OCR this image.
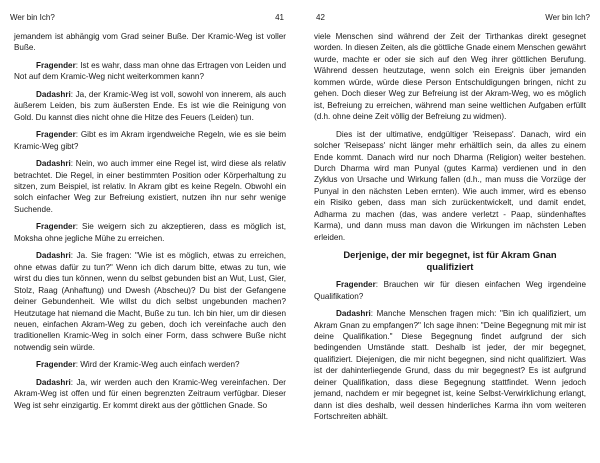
Wer bin Ich?	41

jemandem ist abhängig vom Grad seiner Buße. Der Kramic-Weg ist voller Buße.

Fragender: Ist es wahr, dass man ohne das Ertragen von Leiden und Not auf dem Kramic-Weg nicht weiterkommen kann?

Dadashri: Ja, der Kramic-Weg ist voll, sowohl von innerem, als auch äußerem Leiden, bis zum äußersten Ende. Es ist wie die Reinigung von Gold. Du kannst dies nicht ohne die Hitze des Feuers (Leiden) tun.

Fragender: Gibt es im Akram irgendweiche Regeln, wie es sie beim Kramic-Weg gibt?

Dadashri: Nein, wo auch immer eine Regel ist, wird diese als relativ betrachtet. Die Regel, in einer bestimmten Position oder Körperhaltung zu sitzen, zum Beispiel, ist relativ. In Akram gibt es keine Regeln. Obwohl ein solch einfacher Weg zur Befreiung existiert, nutzen ihn nur sehr wenige Suchende.

Fragender: Sie weigern sich zu akzeptieren, dass es möglich ist, Moksha ohne jegliche Mühe zu erreichen.

Dadashri: Ja. Sie fragen: "Wie ist es möglich, etwas zu erreichen, ohne etwas dafür zu tun?" Wenn ich dich darum bitte, etwas zu tun, wie wirst du dies tun können, wenn du selbst gebunden bist an Wut, Lust, Gier, Stolz, Raag (Anhaftung) und Dwesh (Abscheu)? Du bist der Gefangene deiner Gebundenheit. Wie willst du dich selbst ungebunden machen? Heutzutage hat niemand die Macht, Buße zu tun. Ich bin hier, um dir diesen neuen, einfachen Akram-Weg zu geben, doch ich vereinfache auch den traditionellen Kramic-Weg in solch einer Form, dass schwere Buße nicht notwendig sein würde.

Fragender: Wird der Kramic-Weg auch einfach werden?

Dadashri: Ja, wir werden auch den Kramic-Weg vereinfachen. Der Akram-Weg ist offen und für einen begrenzten Zeitraum verfügbar. Dieser Weg ist sehr einzigartig. Er kommt direkt aus der göttlichen Gnade. So

42	Wer bin Ich?

viele Menschen sind während der Zeit der Tirthankas direkt gesegnet worden. In diesen Zeiten, als die göttliche Gnade einem Menschen gewährt wurde, machte er oder sie sich auf den Weg ihrer göttlichen Berufung. Während dessen heutzutage, wenn solch ein Ereignis über jemanden kommen würde, würde diese Person Entschuldigungen bringen, nicht zu gehen. Doch dieser Weg zur Befreiung ist der Akram-Weg, wo es möglich ist, Befreiung zu erreichen, während man seine weltlichen Aufgaben erfüllt (d.h. ohne deine Zeit völlig der Befreiung zu widmen).

Dies ist der ultimative, endgültiger 'Reisepass'. Danach, wird ein solcher 'Reisepass' nicht länger mehr erhältlich sein, da alles zu einem Ende kommt. Danach wird nur noch Dharma (Religion) weiter bestehen. Durch Dharma wird man Punyal (gutes Karma) verdienen und in den Zyklus von Ursache und Wirkung fallen (d.h., man muss die Vorzüge der Punyal in den nächsten Leben ernten). Wie auch immer, wird es ebenso ein Risiko geben, dass man sich zurückentwickelt, und damit endet, Adharma zu machen (das, was andere verletzt - Paap, sündenhaftes Karma), und dann muss man davon die Wirkungen im nächsten Leben erleiden.

Derjenige, der mir begegnet, ist für Akram Gnan qualifiziert

Fragender: Brauchen wir für diesen einfachen Weg irgendeine Qualifikation?

Dadashri: Manche Menschen fragen mich: "Bin ich qualifiziert, um Akram Gnan zu empfangen?" Ich sage ihnen: "Deine Begegnung mit mir ist deine Qualifikation." Diese Begegnung findet aufgrund der sich bedingenden Umstände statt. Deshalb ist jeder, der mir begegnet, qualifiziert. Diejenigen, die mir nicht begegnen, sind nicht qualifiziert. Was ist der dahinterliegende Grund, dass du mir begegnest? Es ist aufgrund deiner Qualifikation, dass diese Begegnung stattfindet. Wenn jedoch jemand, nachdem er mir begegnet ist, keine Selbst-Verwirklichung erlangt, dann ist dies deshalb, weil dessen hinderliches Karma ihn vom weiteren Fortschreiten abhält.
